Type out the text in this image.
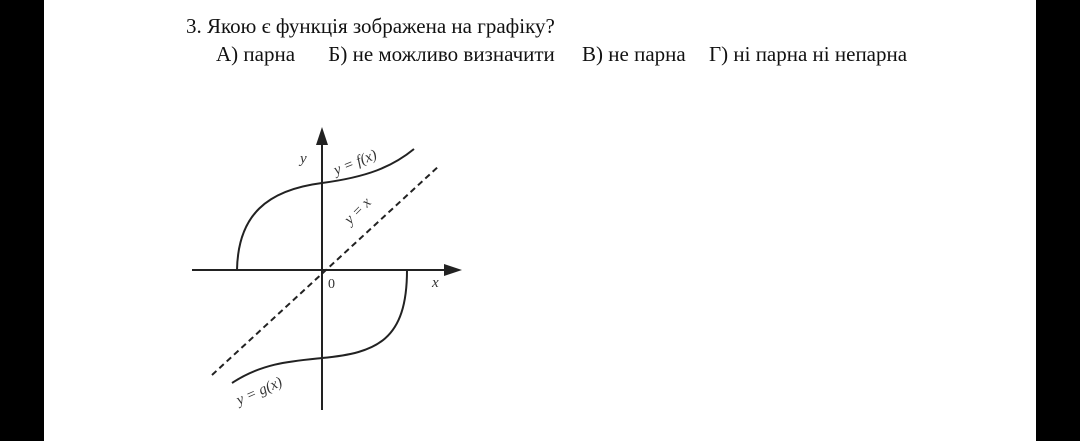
3. Якою є функція зображена на графіку?
А) парна Б) не можливо визначити В) не парна Г) ні парна ні непарна
y
x
0
y = f(x)
y = x
y = g(x)
